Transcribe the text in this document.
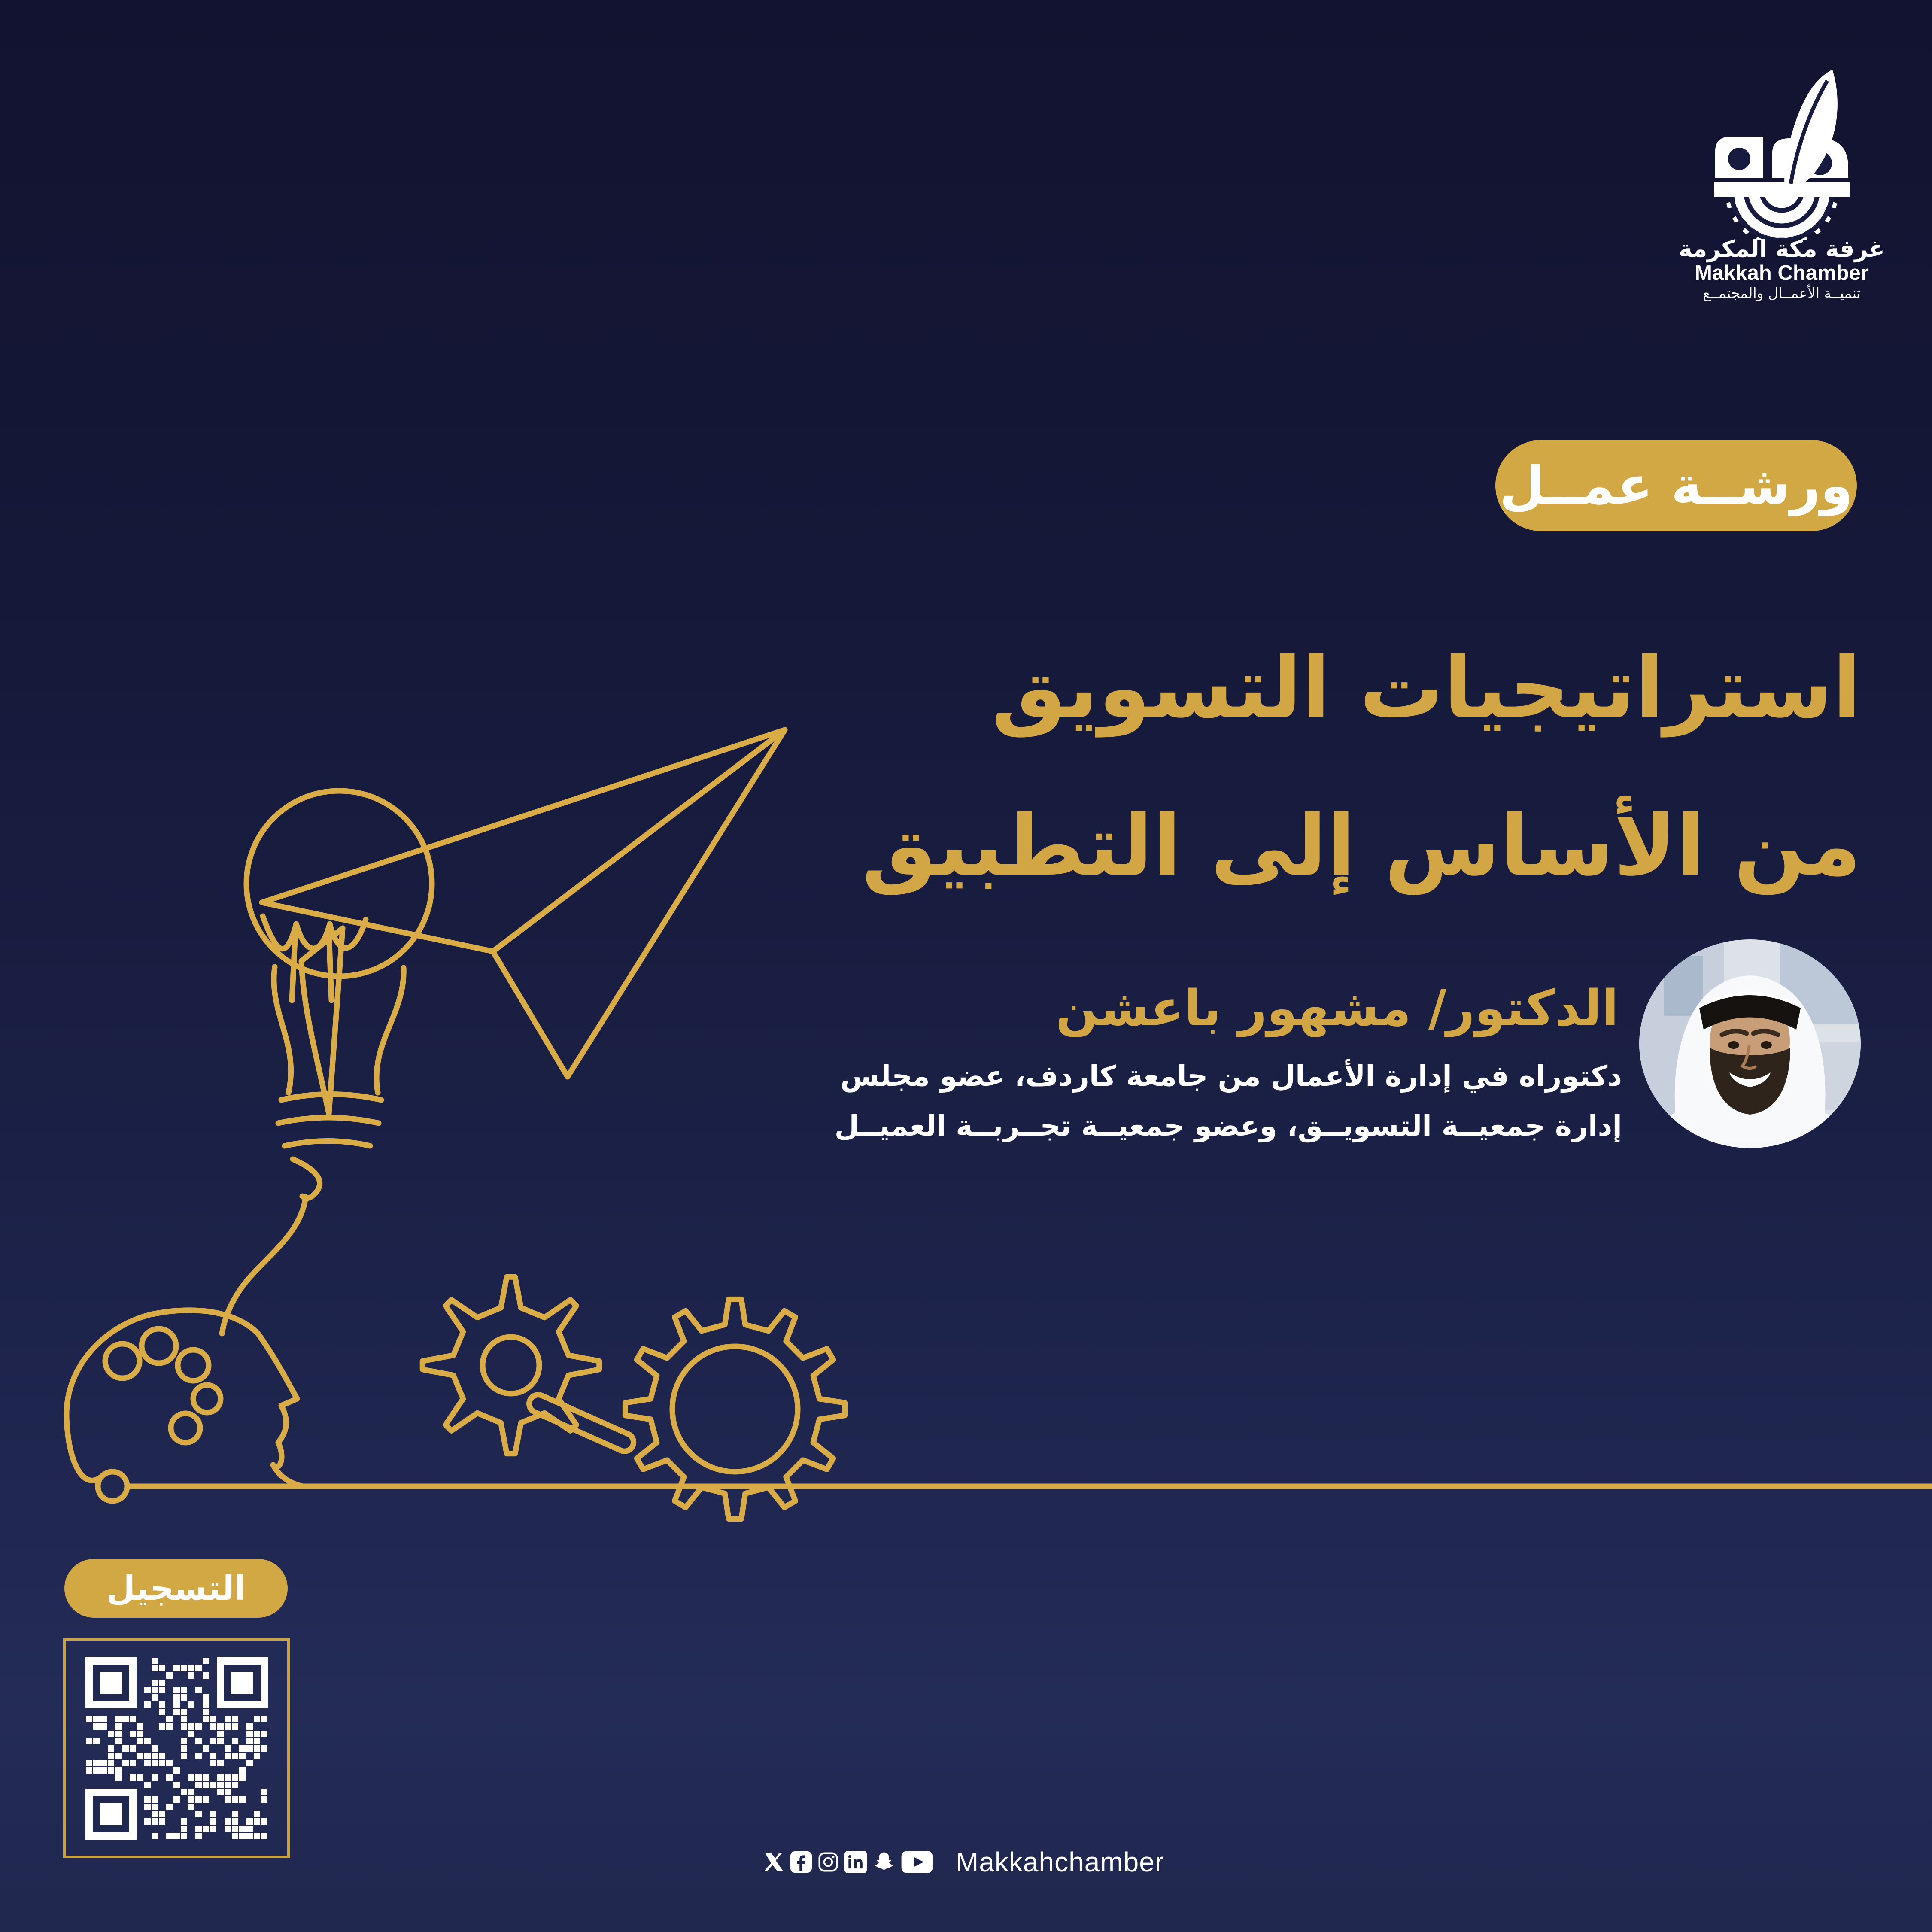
غرفة مكة المكرمة
Makkah Chamber
تنميــة الأعمــال والمجتمــع
ورشــة عمــل
استراتيجيات التسويق
من الأساس إلى التطبيق
الدكتور/ مشهور باعشن
دكتوراه في إدارة الأعمال من جامعة كاردف، عضو مجلس
إدارة جمعيــة التسويــق، وعضو جمعيــة تجــربــة العميــل
التسجيل
Makkahchamber
